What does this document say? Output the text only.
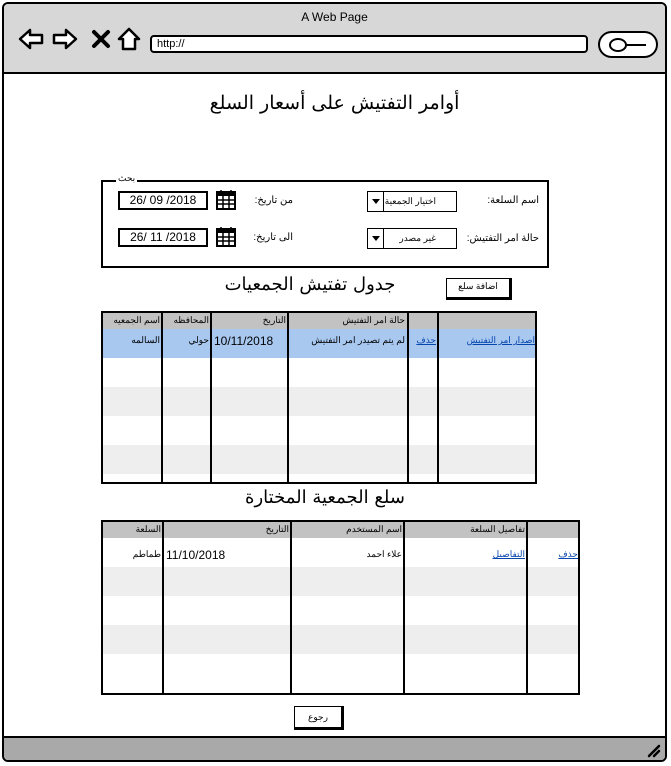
A Web Page
http://
أوامر التفتيش على أسعار السلع
بحث
26/ 09 /2018	من تاريخ:
26/ 11 /2018	الى تاريخ:
اختيار الجمعية	اسم السلعة:
غير مصدر	حالة امر التفتيش:
جدول تفتيش الجمعيات	اضافة سلع
اسم الجمعيه	المحافظه	التاريخ	حالة امر التفتيش
السالمه	حولي 10/11/2018	لم يتم تصيدر امر التفتيش	حذف	اصدار امر التفتيش
سلع الجمعية المختارة
السلعة	التاريخ	اسم المستخدم	تفاصيل السلعة
طماطم 11/10/2018	علاء احمد	التفاصيل	حذف
رجوع
